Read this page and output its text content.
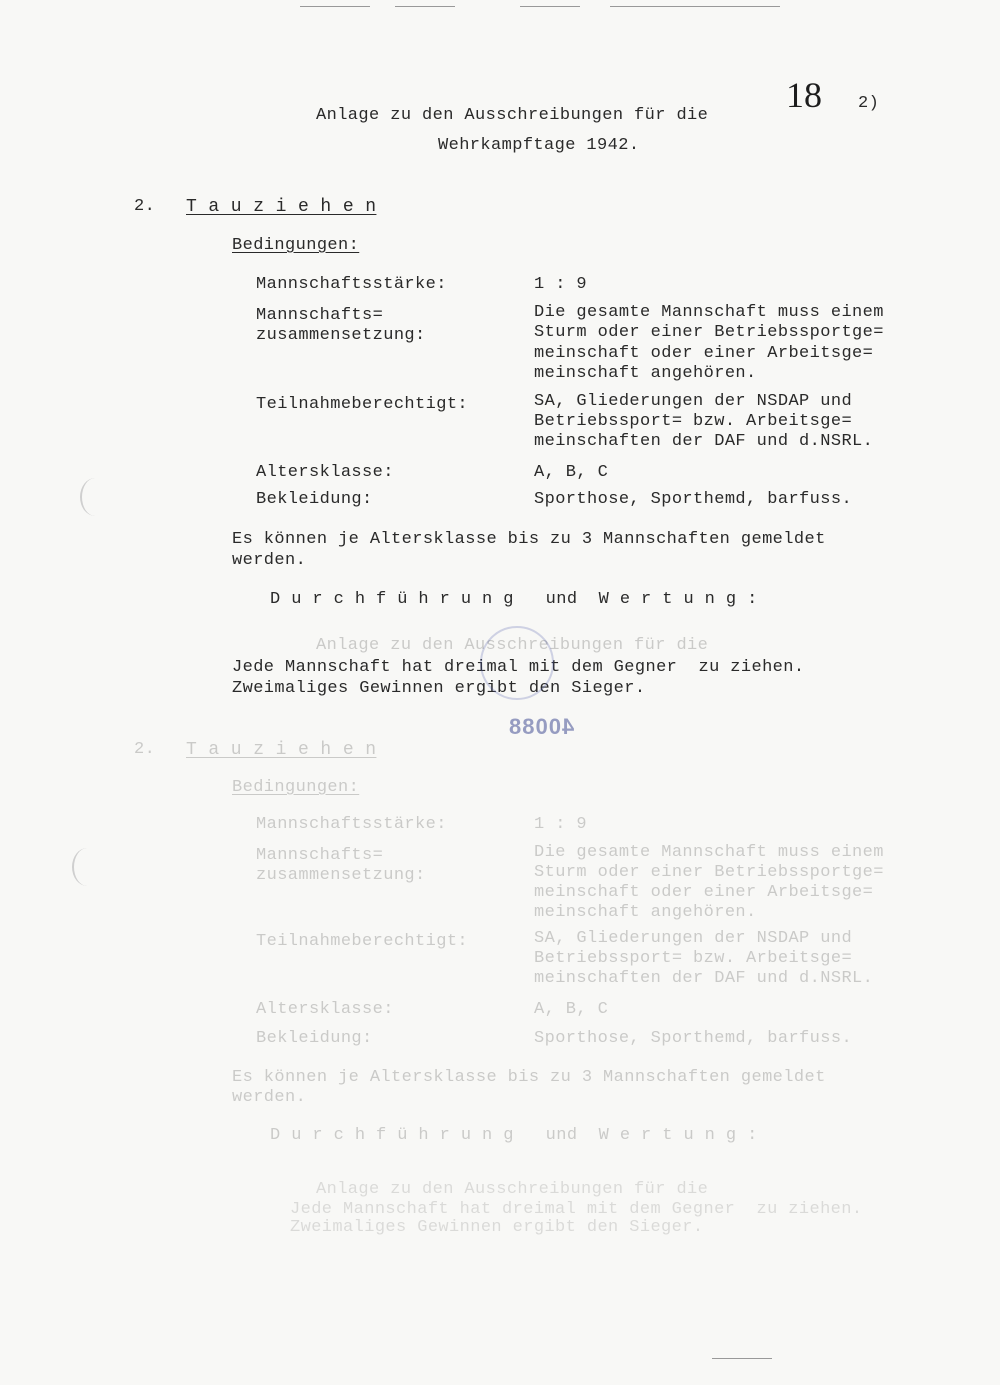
18 2)
Anlage zu den Ausschreibungen für die
Wehrkampftage 1942.
2. T a u z i e h e n
Bedingungen:
Mannschaftsstärke:	1 : 9
Mannschafts=
zusammensetzung:
Die gesamte Mannschaft muss einem
Sturm oder einer Betriebssportge=
meinschaft oder einer Arbeitsge=
meinschaft angehören.
Teilnahmeberechtigt:	SA, Gliederungen der NSDAP und
Betriebssport= bzw. Arbeitsge=
meinschaften der DAF und d.NSRL.
Altersklasse:	A, B, C
Bekleidung:	Sporthose, Sporthemd, barfuss.
Es können je Altersklasse bis zu 3 Mannschaften gemeldet
werden.
D u r c h f ü h r u n g   und  W e r t u n g :
Jede Mannschaft hat dreimal mit dem Gegner  zu ziehen.
Zweimaliges Gewinnen ergibt den Sieger.
40088
Anlage zu den Ausschreibungen für die
2. T a u z i e h e n
Bedingungen:
Mannschaftsstärke:	1 : 9
Mannschafts=
zusammensetzung:
Die gesamte Mannschaft muss einem
Sturm oder einer Betriebssportge=
meinschaft oder einer Arbeitsge=
meinschaft angehören.
Teilnahmeberechtigt:	SA, Gliederungen der NSDAP und
Betriebssport= bzw. Arbeitsge=
meinschaften der DAF und d.NSRL.
Altersklasse:	A, B, C
Bekleidung:	Sporthose, Sporthemd, barfuss.
Es können je Altersklasse bis zu 3 Mannschaften gemeldet
werden.
D u r c h f ü h r u n g   und  W e r t u n g :
Anlage zu den Ausschreibungen für die
Jede Mannschaft hat dreimal mit dem Gegner  zu ziehen.
Zweimaliges Gewinnen ergibt den Sieger.
